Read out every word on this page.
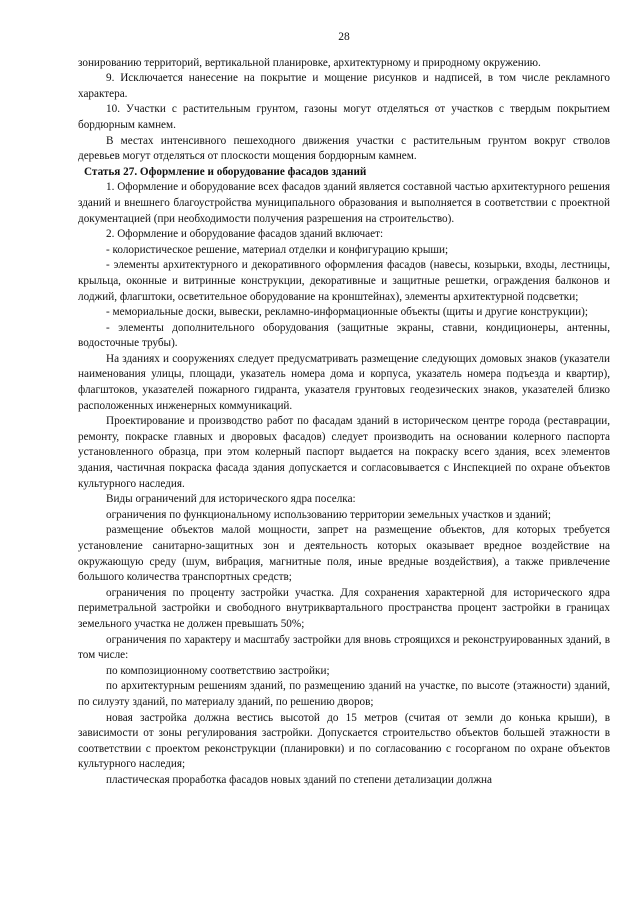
28

зонированию территорий, вертикальной планировке, архитектурному и природному окружению.

9. Исключается нанесение на покрытие и мощение рисунков и надписей, в том числе рекламного характера.

10. Участки с растительным грунтом, газоны могут отделяться от участков с твердым покрытием бордюрным камнем.

В местах интенсивного пешеходного движения участки с растительным грунтом вокруг стволов деревьев могут отделяться от плоскости мощения бордюрным камнем.

Статья 27. Оформление и оборудование фасадов зданий

1. Оформление и оборудование всех фасадов зданий является составной частью архитектурного решения зданий и внешнего благоустройства муниципального образования и выполняется в соответствии с проектной документацией (при необходимости получения разрешения на строительство).

2. Оформление и оборудование фасадов зданий включает:

- колористическое решение, материал отделки и конфигурацию крыши;

- элементы архитектурного и декоративного оформления фасадов (навесы, козырьки, входы, лестницы, крыльца, оконные и витринные конструкции, декоративные и защитные решетки, ограждения балконов и лоджий, флагштоки, осветительное оборудование на кронштейнах), элементы архитектурной подсветки;

- мемориальные доски, вывески, рекламно-информационные объекты (щиты и другие конструкции);

- элементы дополнительного оборудования (защитные экраны, ставни, кондиционеры, антенны, водосточные трубы).

На зданиях и сооружениях следует предусматривать размещение следующих домовых знаков (указатели наименования улицы, площади, указатель номера дома и корпуса, указатель номера подъезда и квартир), флагштоков, указателей пожарного гидранта, указателя грунтовых геодезических знаков, указателей близко расположенных инженерных коммуникаций.

Проектирование и производство работ по фасадам зданий в историческом центре города (реставрации, ремонту, покраске главных и дворовых фасадов) следует производить на основании колерного паспорта установленного образца, при этом колерный паспорт выдается на покраску всего здания, всех элементов здания, частичная покраска фасада здания допускается и согласовывается с Инспекцией по охране объектов культурного наследия.

Виды ограничений для исторического ядра поселка:

ограничения по функциональному использованию территории земельных участков и зданий;

размещение объектов малой мощности, запрет на размещение объектов, для которых требуется установление санитарно-защитных зон и деятельность которых оказывает вредное воздействие на окружающую среду (шум, вибрация, магнитные поля, иные вредные воздействия), а также привлечение большого количества транспортных средств;

ограничения по проценту застройки участка. Для сохранения характерной для исторического ядра периметральной застройки и свободного внутриквартального пространства процент застройки в границах земельного участка не должен превышать 50%;

ограничения по характеру и масштабу застройки для вновь строящихся и реконструированных зданий, в том числе:

по композиционному соответствию застройки;

по архитектурным решениям зданий, по размещению зданий на участке, по высоте (этажности) зданий, по силуэту зданий, по материалу зданий, по решению дворов;

новая застройка должна вестись высотой до 15 метров (считая от земли до конька крыши), в зависимости от зоны регулирования застройки. Допускается строительство объектов большей этажности в соответствии с проектом реконструкции (планировки) и по согласованию с госорганом по охране объектов культурного наследия;

пластическая проработка фасадов новых зданий по степени детализации должна
